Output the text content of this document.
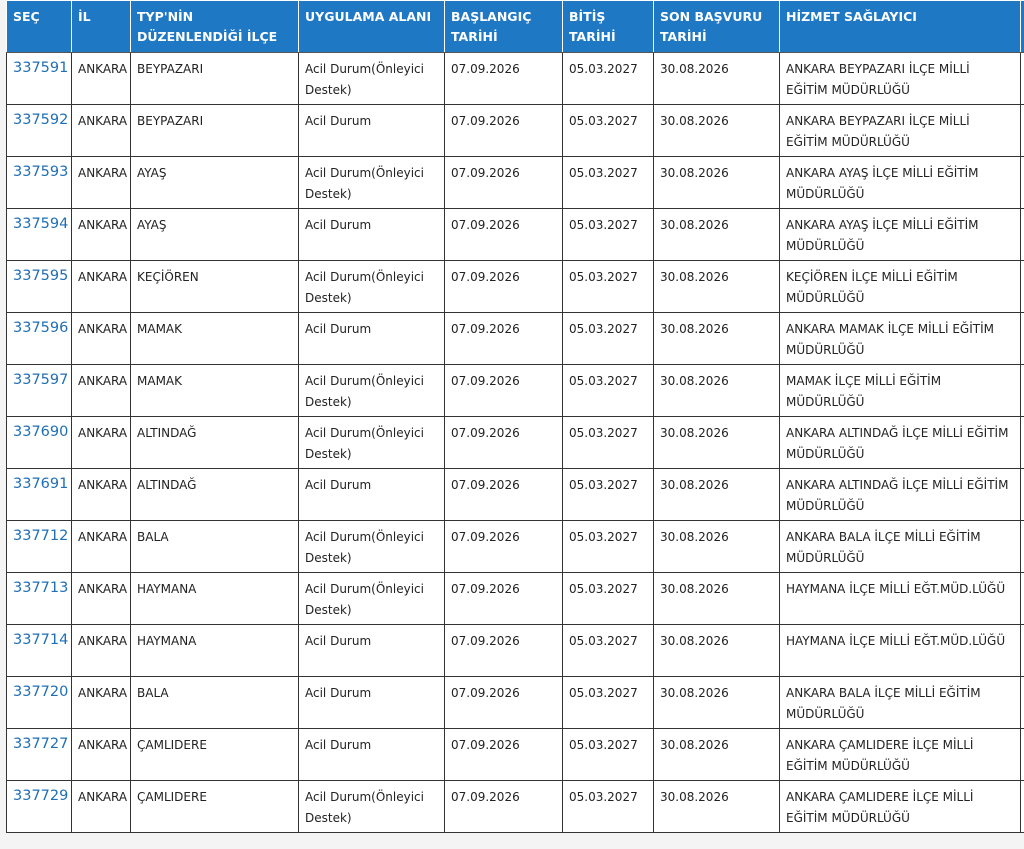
SEÇ	İL	TYP'NİN DÜZENLENDİĞİ İLÇE	UYGULAMA ALANI	BAŞLANGIÇ TARİHİ	BİTİŞ TARİHİ	SON BAŞVURU TARİHİ	HİZMET SAĞLAYICI	
337591	ANKARA	BEYPAZARI	Acil Durum(Önleyici Destek)	07.09.2026	05.03.2027	30.08.2026	ANKARA BEYPAZARI İLÇE MİLLİ EĞİTİM MÜDÜRLÜĞÜ	
337592	ANKARA	BEYPAZARI	Acil Durum	07.09.2026	05.03.2027	30.08.2026	ANKARA BEYPAZARI İLÇE MİLLİ EĞİTİM MÜDÜRLÜĞÜ	
337593	ANKARA	AYAŞ	Acil Durum(Önleyici Destek)	07.09.2026	05.03.2027	30.08.2026	ANKARA AYAŞ İLÇE MİLLİ EĞİTİM MÜDÜRLÜĞÜ	
337594	ANKARA	AYAŞ	Acil Durum	07.09.2026	05.03.2027	30.08.2026	ANKARA AYAŞ İLÇE MİLLİ EĞİTİM MÜDÜRLÜĞÜ	
337595	ANKARA	KEÇİÖREN	Acil Durum(Önleyici Destek)	07.09.2026	05.03.2027	30.08.2026	KEÇİÖREN İLÇE MİLLİ EĞİTİM MÜDÜRLÜĞÜ	
337596	ANKARA	MAMAK	Acil Durum	07.09.2026	05.03.2027	30.08.2026	ANKARA MAMAK İLÇE MİLLİ EĞİTİM MÜDÜRLÜĞÜ	
337597	ANKARA	MAMAK	Acil Durum(Önleyici Destek)	07.09.2026	05.03.2027	30.08.2026	MAMAK İLÇE MİLLİ EĞİTİM MÜDÜRLÜĞÜ	
337690	ANKARA	ALTINDAĞ	Acil Durum(Önleyici Destek)	07.09.2026	05.03.2027	30.08.2026	ANKARA ALTINDAĞ İLÇE MİLLİ EĞİTİM MÜDÜRLÜĞÜ	
337691	ANKARA	ALTINDAĞ	Acil Durum	07.09.2026	05.03.2027	30.08.2026	ANKARA ALTINDAĞ İLÇE MİLLİ EĞİTİM MÜDÜRLÜĞÜ	
337712	ANKARA	BALA	Acil Durum(Önleyici Destek)	07.09.2026	05.03.2027	30.08.2026	ANKARA BALA İLÇE MİLLİ EĞİTİM MÜDÜRLÜĞÜ	
337713	ANKARA	HAYMANA	Acil Durum(Önleyici Destek)	07.09.2026	05.03.2027	30.08.2026	HAYMANA İLÇE MİLLİ EĞT.MÜD.LÜĞÜ	
337714	ANKARA	HAYMANA	Acil Durum	07.09.2026	05.03.2027	30.08.2026	HAYMANA İLÇE MİLLİ EĞT.MÜD.LÜĞÜ	
337720	ANKARA	BALA	Acil Durum	07.09.2026	05.03.2027	30.08.2026	ANKARA BALA İLÇE MİLLİ EĞİTİM MÜDÜRLÜĞÜ	
337727	ANKARA	ÇAMLIDERE	Acil Durum	07.09.2026	05.03.2027	30.08.2026	ANKARA ÇAMLIDERE İLÇE MİLLİ EĞİTİM MÜDÜRLÜĞÜ	
337729	ANKARA	ÇAMLIDERE	Acil Durum(Önleyici Destek)	07.09.2026	05.03.2027	30.08.2026	ANKARA ÇAMLIDERE İLÇE MİLLİ EĞİTİM MÜDÜRLÜĞÜ	
